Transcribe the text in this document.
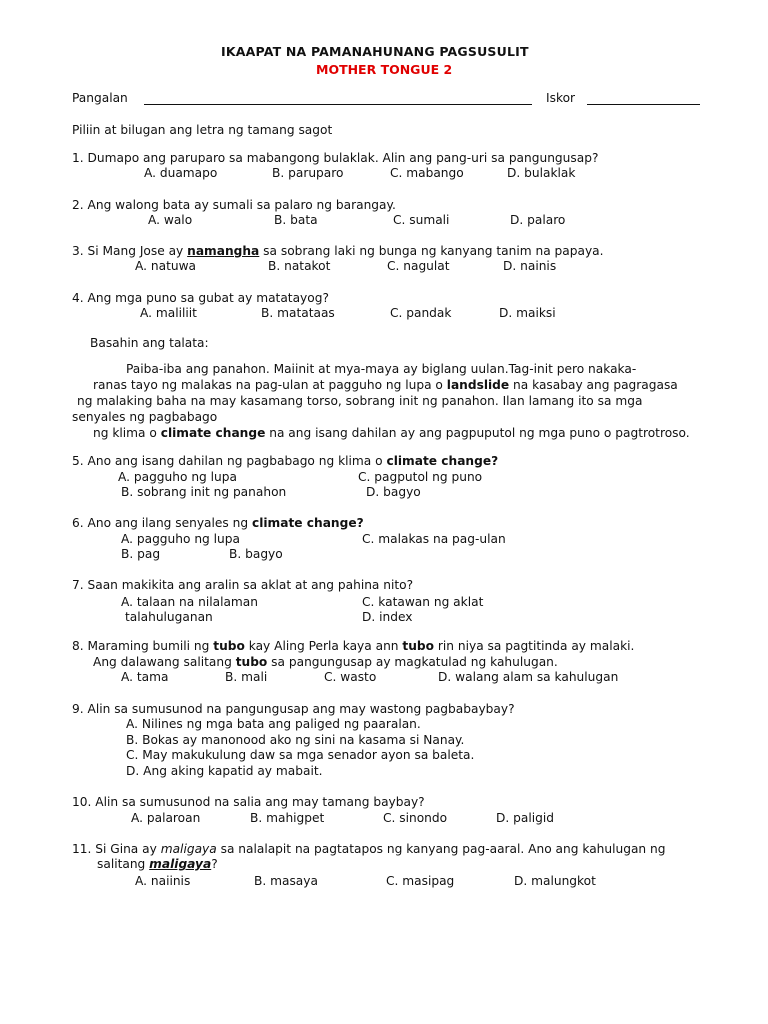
IKAAPAT NA PAMANAHUNANG PAGSUSULIT
MOTHER TONGUE 2
Pangalan	Iskor
Piliin at bilugan ang letra ng tamang sagot
1. Dumapo ang paruparo sa mabangong bulaklak. Alin ang pang-uri sa pangungusap?
A. duamapo	B. paruparo	C. mabango	D. bulaklak
2. Ang walong bata ay sumali sa palaro ng barangay.
A. walo	B. bata	C. sumali	D. palaro
3. Si Mang Jose ay namangha sa sobrang laki ng bunga ng kanyang tanim na papaya.
A. natuwa	B. natakot	C. nagulat	D. nainis
4. Ang mga puno sa gubat ay matatayog?
A. maliliit	B. matataas	C. pandak	D. maiksi
Basahin ang talata:
Paiba-iba ang panahon. Maiinit at mya-maya ay biglang uulan.Tag-init pero nakaka-
ranas tayo ng malakas na pag-ulan at pagguho ng lupa o landslide na kasabay ang pagragasa
ng malaking baha na may kasamang torso, sobrang init ng panahon. Ilan lamang ito sa mga
senyales ng pagbabago
ng klima o climate change na ang isang dahilan ay ang pagpuputol ng mga puno o pagtrotroso.
5. Ano ang isang dahilan ng pagbabago ng klima o climate change?
A. pagguho ng lupa	C. pagputol ng puno
B. sobrang init ng panahon	D. bagyo
6. Ano ang ilang senyales ng climate change?
A. pagguho ng lupa	C. malakas na pag-ulan
B. pag	B. bagyo
7. Saan makikita ang aralin sa aklat at ang pahina nito?
A. talaan na nilalaman	C. katawan ng aklat
talahuluganan	D. index
8. Maraming bumili ng tubo kay Aling Perla kaya ann tubo rin niya sa pagtitinda ay malaki.
Ang dalawang salitang tubo sa pangungusap ay magkatulad ng kahulugan.
A. tama	B. mali	C. wasto	D. walang alam sa kahulugan
9. Alin sa sumusunod na pangungusap ang may wastong pagbabaybay?
A. Nilines ng mga bata ang paliged ng paaralan.
B. Bokas ay manonood ako ng sini na kasama si Nanay.
C. May makukulung daw sa mga senador ayon sa baleta.
D. Ang aking kapatid ay mabait.
10. Alin sa sumusunod na salia ang may tamang baybay?
A. palaroan	B. mahigpet	C. sinondo	D. paligid
11. Si Gina ay maligaya sa nalalapit na pagtatapos ng kanyang pag-aaral. Ano ang kahulugan ng
salitang maligaya?
A. naiinis	B. masaya	C. masipag	D. malungkot
